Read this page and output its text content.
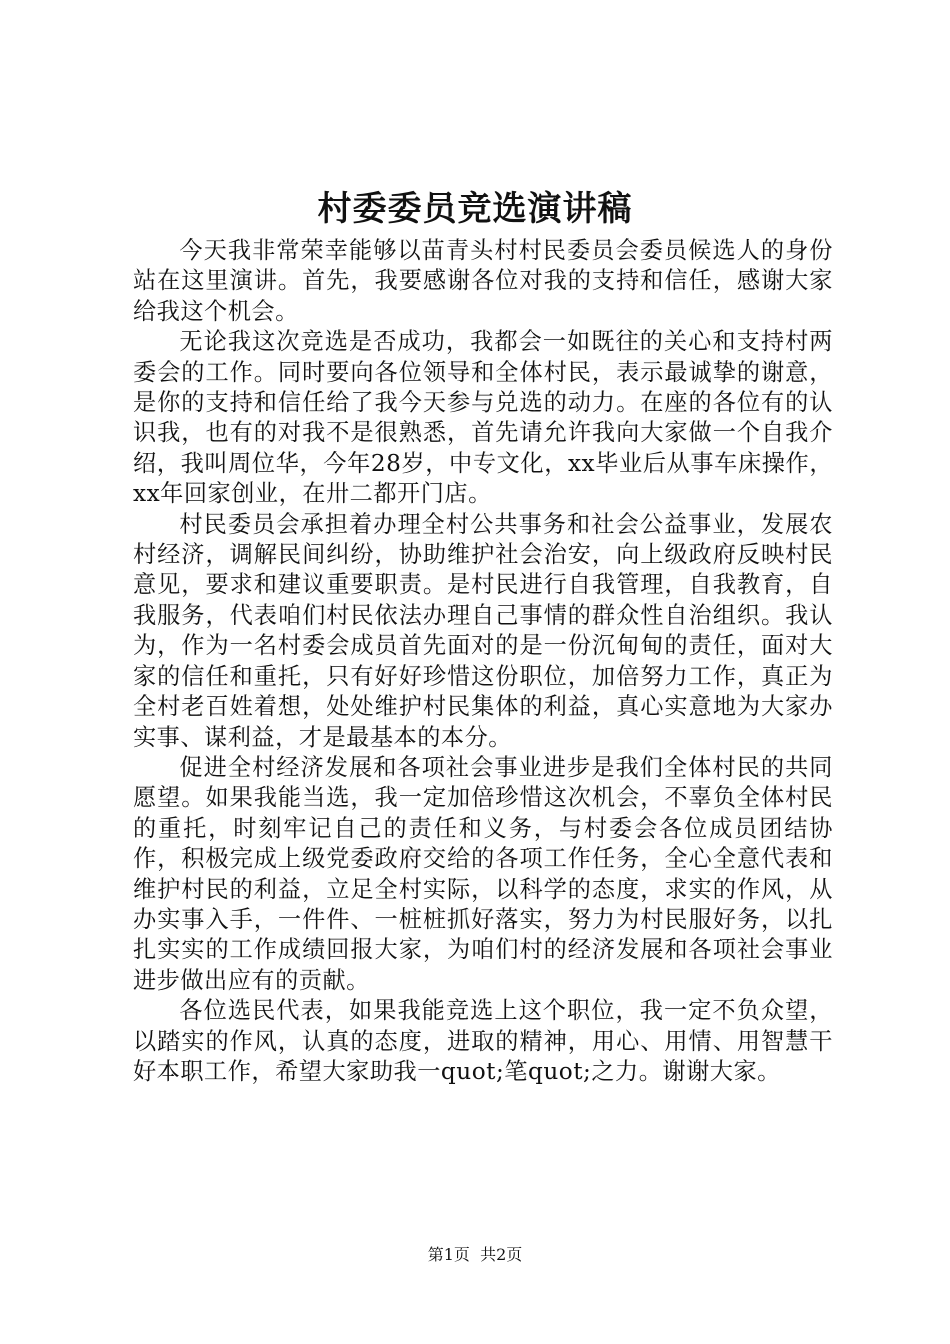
村委委员竞选演讲稿

今天我非常荣幸能够以苗青头村村民委员会委员候选人的身份站在这里演讲。首先，我要感谢各位对我的支持和信任，感谢大家给我这个机会。

无论我这次竞选是否成功，我都会一如既往的关心和支持村两委会的工作。同时要向各位领导和全体村民，表示最诚挚的谢意，是你的支持和信任给了我今天参与兑选的动力。在座的各位有的认识我，也有的对我不是很熟悉，首先请允许我向大家做一个自我介绍，我叫周位华，今年28岁，中专文化，xx毕业后从事车床操作，xx年回家创业，在卅二都开门店。

村民委员会承担着办理全村公共事务和社会公益事业，发展农村经济，调解民间纠纷，协助维护社会治安，向上级政府反映村民意见，要求和建议重要职责。是村民进行自我管理，自我教育，自我服务，代表咱们村民依法办理自己事情的群众性自治组织。我认为，作为一名村委会成员首先面对的是一份沉甸甸的责任，面对大家的信任和重托，只有好好珍惜这份职位，加倍努力工作，真正为全村老百姓着想，处处维护村民集体的利益，真心实意地为大家办实事、谋利益，才是最基本的本分。

促进全村经济发展和各项社会事业进步是我们全体村民的共同愿望。如果我能当选，我一定加倍珍惜这次机会，不辜负全体村民的重托，时刻牢记自己的责任和义务，与村委会各位成员团结协作，积极完成上级党委政府交给的各项工作任务，全心全意代表和维护村民的利益，立足全村实际，以科学的态度，求实的作风，从办实事入手，一件件、一桩桩抓好落实，努力为村民服好务，以扎扎实实的工作成绩回报大家，为咱们村的经济发展和各项社会事业进步做出应有的贡献。

各位选民代表，如果我能竞选上这个职位，我一定不负众望，以踏实的作风，认真的态度，进取的精神，用心、用情、用智慧干好本职工作，希望大家助我一quot;笔quot;之力。谢谢大家。

第1页  共2页
